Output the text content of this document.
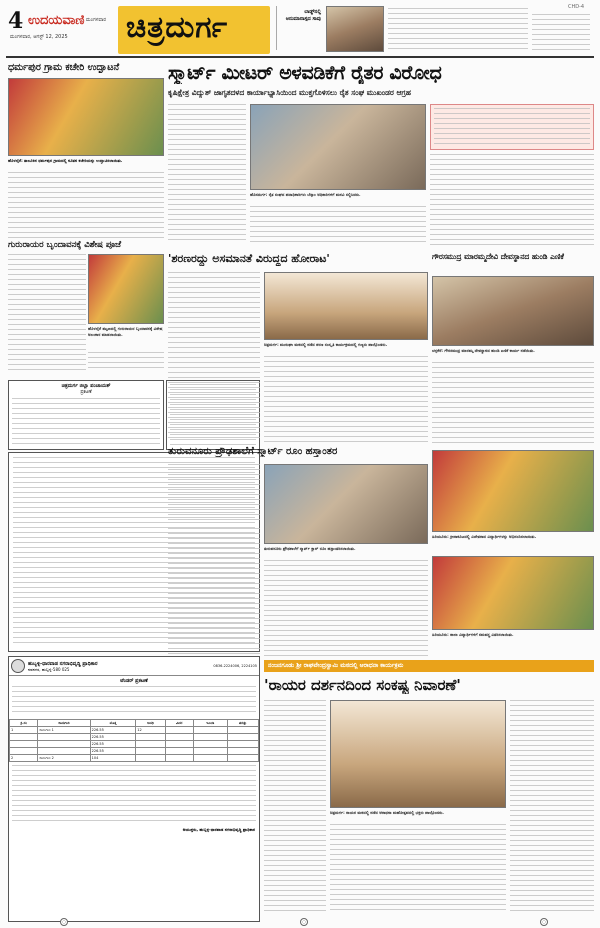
4 ಉದಯವಾಣಿ ಮಂಗಳವಾರ
ಮಂಗಳವಾರ, ಆಗಸ್ಟ್ 12, 2025 ಚಿತ್ರದುರ್ಗ	ಲಾಡ್ಜ್‌ನಲ್ಲಿ ಅನುಮಾನಾಸ್ಪದ ಸಾವು
CHD-4
ಧರ್ಮಪುರ ಗ್ರಾಮ ಕಚೇರಿ ಉದ್ಘಾಟನೆ
ಹೊಳಲ್ಕೆರೆ: ತಾಲೂಕಿನ ಧರ್ಮಪುರ ಗ್ರಾಮದಲ್ಲಿ ನೂತನ ಕಚೇರಿಯನ್ನು ಉದ್ಘಾಟಿಸಲಾಯಿತು.
ಗುರುರಾಯರ ಬೃಂದಾವನಕ್ಕೆ ವಿಶೇಷ ಪೂಜೆ
ಹೊಳಲ್ಕೆರೆ ಪಟ್ಟಣದಲ್ಲಿ ಗುರುರಾಯರ ಬೃಂದಾವನಕ್ಕೆ ವಿಶೇಷ ಅಲಂಕಾರ ಮಾಡಲಾಯಿತು.
ಚಿತ್ರದುರ್ಗ ಜಿಲ್ಲಾ ಪಂಚಾಯತ್
ಪ್ರಕಟಣೆ
ಹುಬ್ಬಳ್ಳಿ-ಧಾರವಾಡ ನಗರಾಭಿವೃದ್ಧಿ ಪ್ರಾಧಿಕಾರ
ನವನಗರ, ಹುಬ್ಬಳ್ಳಿ-580 025
0836-2224006, 2224105
ಟೆಂಡರ್ ಪ್ರಕಟಣೆ
ಕ್ರ.ಸಂ	ಕಾಮಗಾರಿ	ಮೊತ್ತ	ಅವಧಿ	ವಿವರ	ಇಎಂಡಿ	ಷರತ್ತು
1	ಕಾಮಗಾರಿ 1	226.55	12			
		226.55				
		226.55				
		226.55				
2	ಕಾಮಗಾರಿ 2	104				
ಆಯುಕ್ತರು, ಹುಬ್ಬಳ್ಳಿ-ಧಾರವಾಡ ನಗರಾಭಿವೃದ್ಧಿ ಪ್ರಾಧಿಕಾರ
ಸ್ಮಾರ್ಟ್ ಮೀಟರ್ ಅಳವಡಿಕೆಗೆ ರೈತರ ವಿರೋಧ
ಕೃಷಿಕ್ಷೇತ್ರ ವಿದ್ಯುತ್ ಜಾಗೃತದಳದ ಕಾರ್ಯಾಭ್ಯಾಸಿಯಿಂದ ಮುಕ್ತಗೊಳಿಸಲು ರೈತ ಸಂಘ ಮುಖಂಡರ ಆಗ್ರಹ
ಹೊಸದುರ್ಗ: ರೈತ ಸಂಘದ ಪದಾಧಿಕಾರಿಗಳು ಬೆಸ್ಕಾಂ ಅಧಿಕಾರಿಗಳಿಗೆ ಮನವಿ ಸಲ್ಲಿಸಿದರು.
'ಶರಣರದ್ದು ಅಸಮಾನತೆ ವಿರುದ್ಧದ ಹೋರಾಟ'
ಚಿತ್ರದುರ್ಗ: ಮುರುಘಾ ಮಠದಲ್ಲಿ ನಡೆದ ಶರಣ ಸಂಸ್ಕೃತಿ ಕಾರ್ಯಕ್ರಮದಲ್ಲಿ ಗಣ್ಯರು ಪಾಲ್ಗೊಂಡರು.
ಗೌರಸಮುದ್ರ ಮಾರಮ್ಮದೇವಿ ದೇವಸ್ಥಾನದ ಹುಂಡಿ ಎಣಿಕೆ
ಚಳ್ಳಕೆರೆ: ಗೌರಸಮುದ್ರ ಮಾರಮ್ಮ ದೇವಸ್ಥಾನದ ಹುಂಡಿ ಎಣಿಕೆ ಕಾರ್ಯ ನಡೆಯಿತು.
ತುರುವನೂರು ಪ್ರೌಢಶಾಲೆಗೆ ಸ್ಮಾರ್ಟ್ ರೂಂ ಹಸ್ತಾಂತರ
ತುರುವನೂರು ಪ್ರೌಢಶಾಲೆಗೆ ಸ್ಮಾರ್ಟ್ ಕ್ಲಾಸ್ ರೂಂ ಹಸ್ತಾಂತರಿಸಲಾಯಿತು.
ಹಿರಿಯೂರು: ಕ್ರೀಡಾಕೂಟದಲ್ಲಿ ವಿಜೇತರಾದ ವಿದ್ಯಾರ್ಥಿಗಳನ್ನು ಅಭಿನಂದಿಸಲಾಯಿತು.
ಹಿರಿಯೂರು: ಶಾಲಾ ವಿದ್ಯಾರ್ಥಿಗಳಿಗೆ ಸಮವಸ್ತ್ರ ವಿತರಿಸಲಾಯಿತು.
ನಂಜನಗೂಡು ಶ್ರೀ ರಾಘವೇಂದ್ರಸ್ವಾಮಿ ಮಠದಲ್ಲಿ ಆರಾಧನಾ ಕಾರ್ಯಕ್ರಮ
'ರಾಯರ ದರ್ಶನದಿಂದ ಸಂಕಷ್ಟ ನಿವಾರಣೆ'
ಚಿತ್ರದುರ್ಗ: ರಾಯರ ಮಠದಲ್ಲಿ ನಡೆದ ಆರಾಧನಾ ಮಹೋತ್ಸವದಲ್ಲಿ ಭಕ್ತರು ಪಾಲ್ಗೊಂಡರು.
